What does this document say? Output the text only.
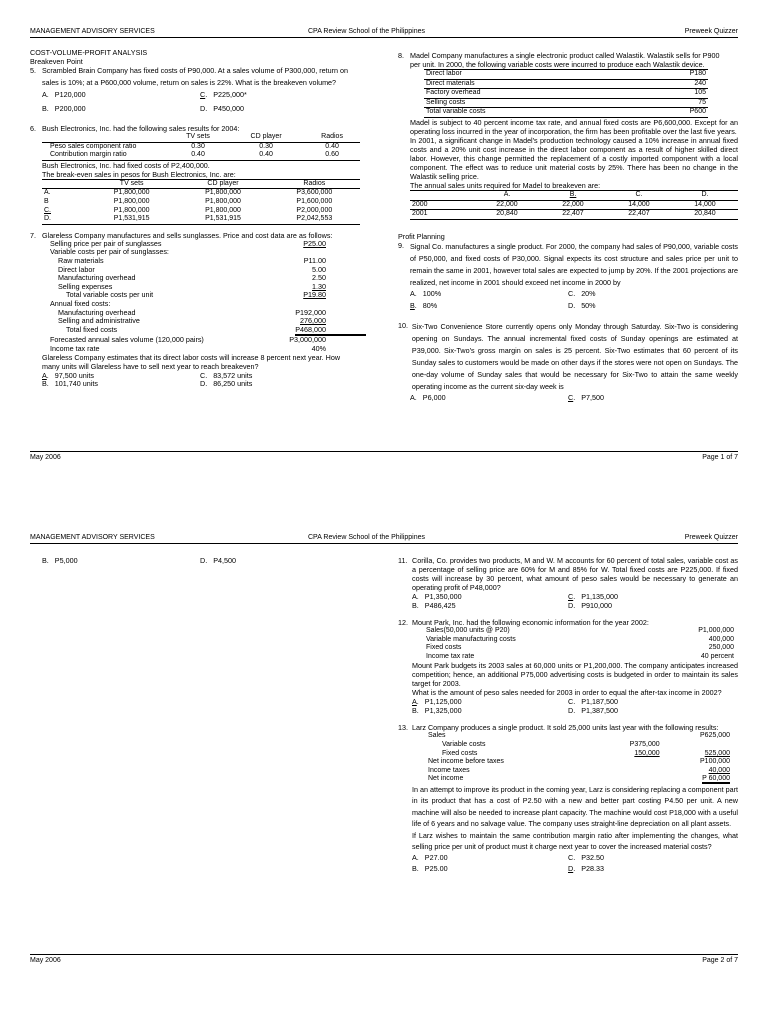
MANAGEMENT ADVISORY SERVICES	CPA Review School of the Philippines	Preweek Quizzer

COST-VOLUME-PROFIT ANALYSIS

Breakeven Point

5. Scrambled Brain Company has fixed costs of P90,000. At a sales volume of P300,000, return on

sales is 10%; at a P600,000 volume, return on sales is 22%. What is the breakeven volume?

A.   P120,000	C.   P225,000*
B.   P200,000	D.   P450,000

6. Bush Electronics, Inc. had the following sales results for 2004:

	TV sets	CD player	Radios
Peso sales component ratio	0.30	0.30	0.40
Contribution margin ratio	0.40	0.40	0.60

Bush Electronics, Inc. had fixed costs of P2,400,000.

The break-even sales in pesos for Bush Electronics, Inc. are:

	TV sets	CD player	Radios
A.	P1,800,000	P1,800,000	P3,600,000
B	P1,800,000	P1,800,000	P1,600,000
C.	P1,800,000	P1,800,000	P2,000,000
D.	P1,531,915	P1,531,915	P2,042,553

7. Glareless Company manufactures and sells sunglasses. Price and cost data are as follows:

Selling price per pair of sunglasses	P25.00
Variable costs per pair of sunglasses:
Raw materials	P11.00
Direct labor	5.00
Manufacturing overhead	2.50
Selling expenses	1.30
Total variable costs per unit	P19.80
Annual fixed costs:
Manufacturing overhead	P192,000
Selling and administrative	276,000
Total fixed costs	P468,000
Forecasted annual sales volume (120,000 pairs)	P3,000,000
Income tax rate	40%

Glareless Company estimates that its direct labor costs will increase 8 percent next year. How

many units will Glareless have to sell next year to reach breakeven?

A.   97,500 units	C.   83,572 units
B.   101,740 units	D.   86,250 units

8. Madel Company manufactures a single electronic product called Walastik. Walastik sells for P900

per unit. In 2000, the following variable costs were incurred to produce each Walastik device.

Direct labor	P180
Direct materials	240
Factory overhead	105
Selling costs	75
Total variable costs	P600

Madel is subject to 40 percent income tax rate, and annual fixed costs are P6,600,000. Except for an operating loss incurred in the year of incorporation, the firm has been profitable over the last five years.

In 2001, a significant change in Madel's production technology caused a 10% increase in annual fixed costs and a 20% unit cost increase in the direct labor component as a result of higher skilled direct labor. However, this change permitted the replacement of a costly imported component with a local component. The effect was to reduce unit material costs by 25%. There has been no change in the Walastik selling price.

The annual sales units required for Madel to breakeven are:

	A.	B.	C.	D.
2000	22,000	22,000	14,000	14,000
2001	20,840	22,407	22,407	20,840

Profit Planning

9. Signal Co. manufactures a single product. For 2000, the company had sales of P90,000, variable costs of P50,000, and fixed costs of P30,000. Signal expects its cost structure and sales price per unit to remain the same in 2001, however total sales are expected to jump by 20%. If the 2001 projections are realized, net income in 2001 should exceed net income in 2000 by

A.   100%	C.   20%
B.   80%	D.   50%
10. Six-Two Convenience Store currently opens only Monday through Saturday. Six-Two is considering opening on Sundays. The annual incremental fixed costs of Sunday openings are estimated at P39,000. Six-Two's gross margin on sales is 25 percent. Six-Two estimates that 60 percent of its Sunday sales to customers would be made on other days if the stores were not open on Sundays. The one-day volume of Sunday sales that would be necessary for Six-Two to attain the same weekly operating income as the current six-day week is

A.   P6,000	C.   P7,500
May 2006	Page 1 of 7
MANAGEMENT ADVISORY SERVICES	CPA Review School of the Philippines	Preweek Quizzer
B.   P5,000	D.   P4,500	11. Corilla, Co. provides two products, M and W. M accounts for 60 percent of total sales, variable cost as a percentage of selling price are 60% for M and 85% for W. Total fixed costs are P225,000. If fixed costs will increase by 30 percent, what amount of peso sales would be necessary to generate an operating profit of P48,000?

A.   P1,350,000	C.   P1,135,000
B.   P486,425	D.   P910,000

12. Mount Park, Inc. had the following economic information for the year 2002:

Sales(50,000 units @ P20)	P1,000,000
Variable manufacturing costs	400,000
Fixed costs	250,000
Income tax rate	40 percent

Mount Park budgets its 2003 sales at 60,000 units or P1,200,000. The company anticipates increased competition; hence, an additional P75,000 advertising costs is budgeted in order to maintain its sales target for 2003.

What is the amount of peso sales needed for 2003 in order to equal the after-tax income in 2002?

A.   P1,125,000	C.   P1,187,500
B.   P1,325,000	D.   P1,387,500

13. Larz Company produces a single product. It sold 25,000 units last year with the following results:

Sales		P625,000
Variable costs	P375,000	
Fixed costs	150,000	525,000
Net income before taxes		P100,000
Income taxes		40,000
Net income		P 60,000

In an attempt to improve its product in the coming year, Larz is considering replacing a component part in its product that has a cost of P2.50 with a new and better part costing P4.50 per unit. A new machine will also be needed to increase plant capacity. The machine would cost P18,000 with a useful life of 6 years and no salvage value. The company uses straight-line depreciation on all plant assets.

If Larz wishes to maintain the same contribution margin ratio after implementing the changes, what selling price per unit of product must it charge next year to cover the increased material costs?

A.   P27.00	C.   P32.50
B.   P25.00	D.   P28.33
May 2006	Page 2 of 7
